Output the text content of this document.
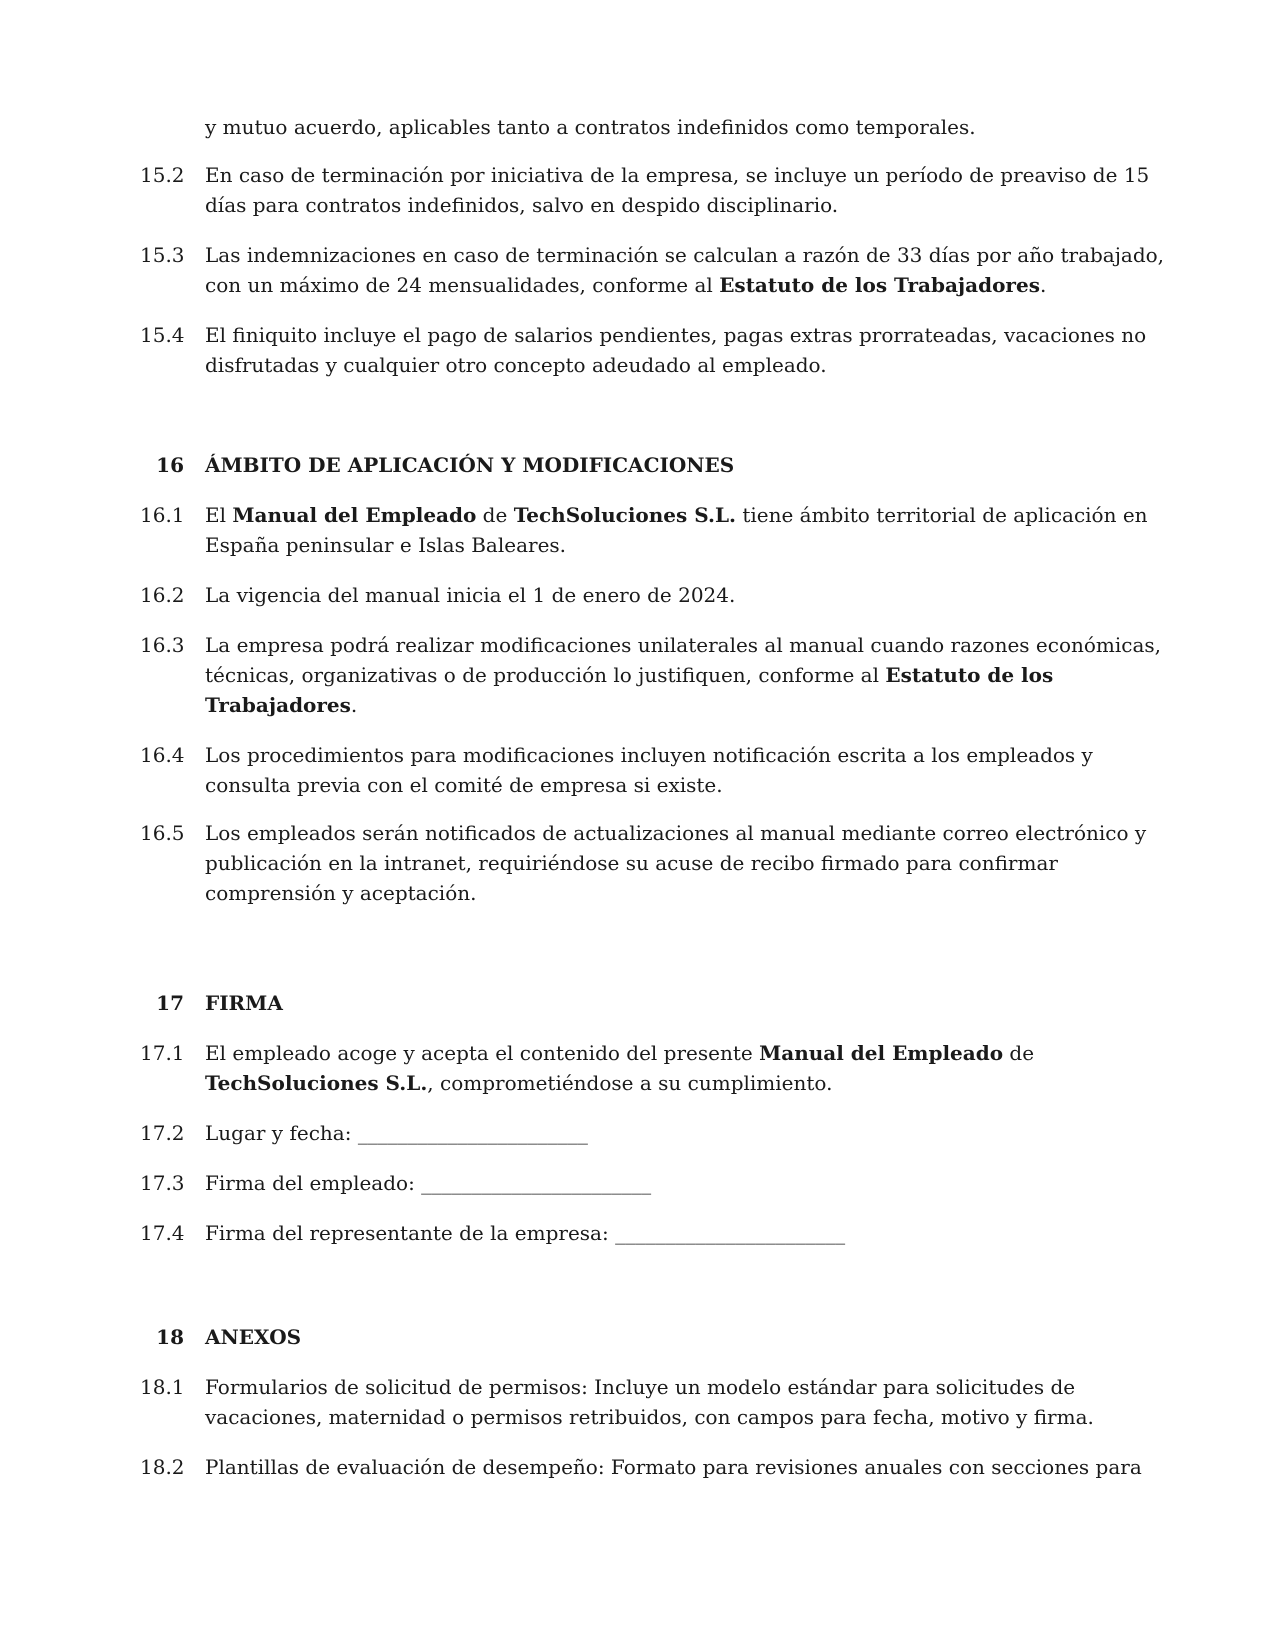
y mutuo acuerdo, aplicables tanto a contratos indefinidos como temporales.
15.2 En caso de terminación por iniciativa de la empresa, se incluye un período de preaviso de 15
días para contratos indefinidos, salvo en despido disciplinario.
15.3 Las indemnizaciones en caso de terminación se calculan a razón de 33 días por año trabajado,
con un máximo de 24 mensualidades, conforme al Estatuto de los Trabajadores.
15.4 El finiquito incluye el pago de salarios pendientes, pagas extras prorrateadas, vacaciones no
disfrutadas y cualquier otro concepto adeudado al empleado.
16 ÁMBITO DE APLICACIÓN Y MODIFICACIONES
16.1 El Manual del Empleado de TechSoluciones S.L. tiene ámbito territorial de aplicación en
España peninsular e Islas Baleares.
16.2 La vigencia del manual inicia el 1 de enero de 2024.
16.3 La empresa podrá realizar modificaciones unilaterales al manual cuando razones económicas,
técnicas, organizativas o de producción lo justifiquen, conforme al Estatuto de los
Trabajadores.
16.4 Los procedimientos para modificaciones incluyen notificación escrita a los empleados y
consulta previa con el comité de empresa si existe.
16.5 Los empleados serán notificados de actualizaciones al manual mediante correo electrónico y
publicación en la intranet, requiriéndose su acuse de recibo firmado para confirmar
comprensión y aceptación.
17 FIRMA
17.1 El empleado acoge y acepta el contenido del presente Manual del Empleado de
TechSoluciones S.L., comprometiéndose a su cumplimiento.
17.2 Lugar y fecha: _______________________
17.3 Firma del empleado: _______________________
17.4 Firma del representante de la empresa: _______________________
18 ANEXOS
18.1 Formularios de solicitud de permisos: Incluye un modelo estándar para solicitudes de
vacaciones, maternidad o permisos retribuidos, con campos para fecha, motivo y firma.
18.2 Plantillas de evaluación de desempeño: Formato para revisiones anuales con secciones para
